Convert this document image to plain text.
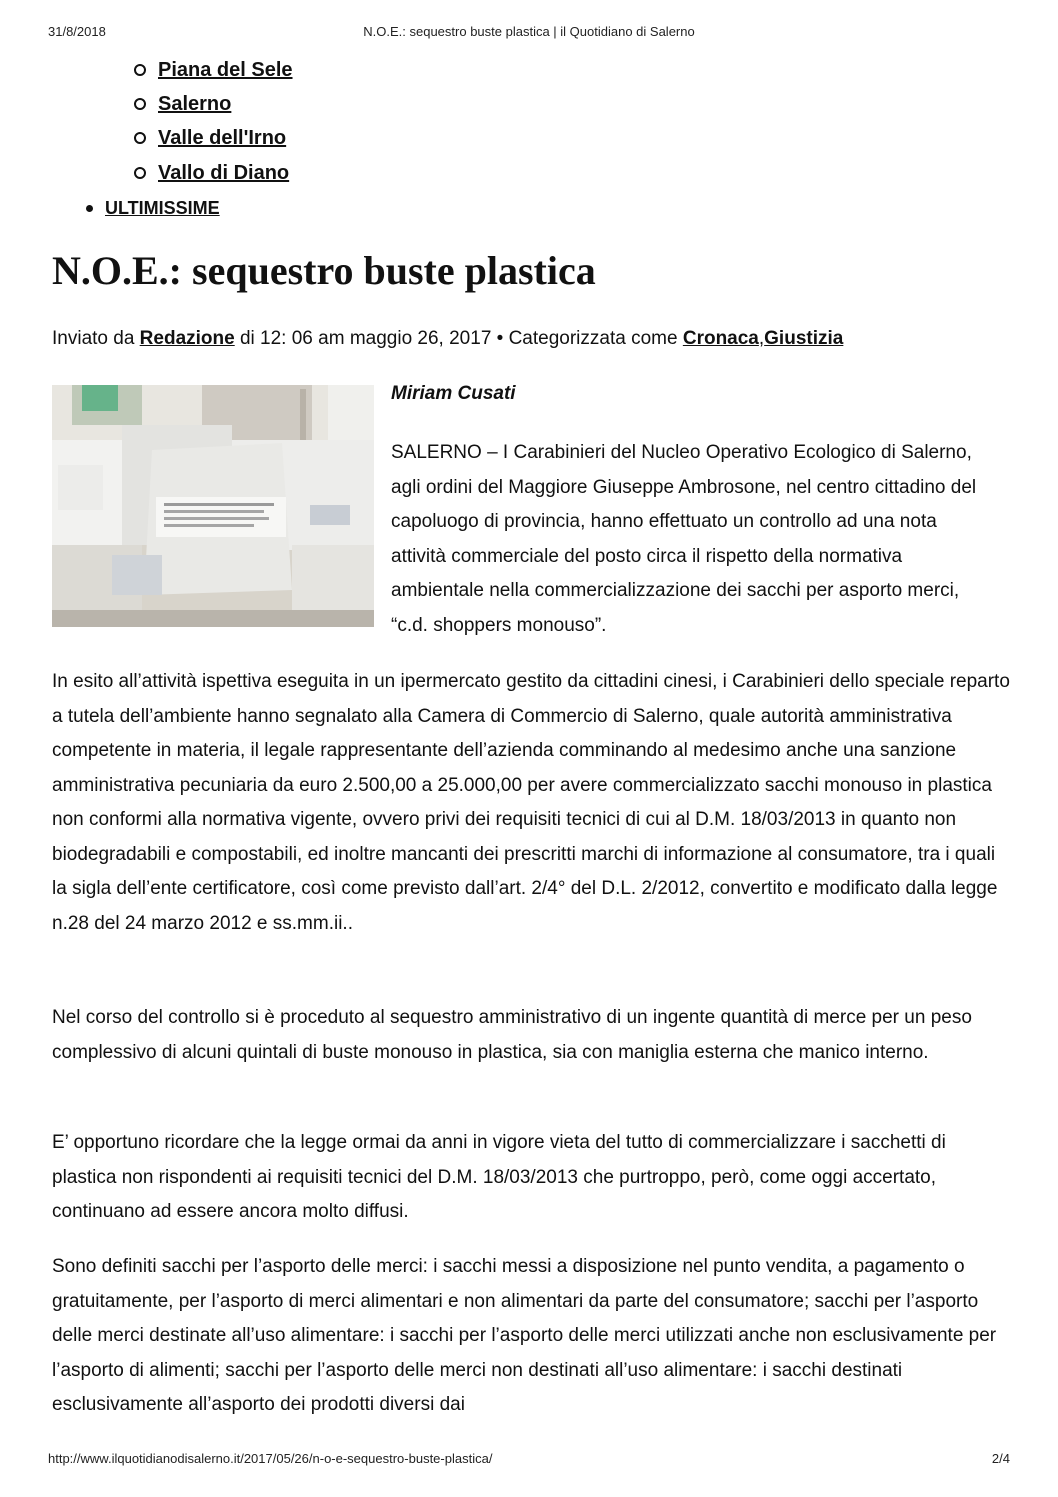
31/8/2018	N.O.E.: sequestro buste plastica | il Quotidiano di Salerno
Piana del Sele
Salerno
Valle dell'Irno
Vallo di Diano
ULTIMISSIME
N.O.E.: sequestro buste plastica
Inviato da Redazione di 12: 06 am maggio 26, 2017 • Categorizzata come Cronaca,Giustizia
Miriam Cusati

SALERNO – I Carabinieri del Nucleo Operativo Ecologico di Salerno, agli ordini del Maggiore Giuseppe Ambrosone, nel centro cittadino del capoluogo di provincia, hanno effettuato un controllo ad una nota attività commerciale del posto circa il rispetto della normativa ambientale nella commercializzazione dei sacchi per asporto merci, “c.d. shoppers monouso”.

In esito all’attività ispettiva eseguita in un ipermercato gestito da cittadini cinesi, i Carabinieri dello speciale reparto a tutela dell’ambiente hanno segnalato alla Camera di Commercio di Salerno, quale autorità amministrativa competente in materia, il legale rappresentante dell’azienda comminando al medesimo anche una sanzione amministrativa pecuniaria da euro 2.500,00 a 25.000,00 per avere commercializzato sacchi monouso in plastica non conformi alla normativa vigente, ovvero privi dei requisiti tecnici di cui al D.M. 18/03/2013 in quanto non biodegradabili e compostabili, ed inoltre mancanti dei prescritti marchi di informazione al consumatore, tra i quali la sigla dell’ente certificatore, così come previsto dall’art. 2/4° del D.L. 2/2012, convertito e modificato dalla legge n.28 del 24 marzo 2012 e ss.mm.ii..

Nel corso del controllo si è proceduto al sequestro amministrativo di un ingente quantità di merce per un peso complessivo di alcuni quintali di buste monouso in plastica, sia con maniglia esterna che manico interno.

E’ opportuno ricordare che la legge ormai da anni in vigore vieta del tutto di commercializzare i sacchetti di plastica non rispondenti ai requisiti tecnici del D.M. 18/03/2013 che purtroppo, però, come oggi accertato, continuano ad essere ancora molto diffusi.

Sono definiti sacchi per l’asporto delle merci: i sacchi messi a disposizione nel punto vendita, a pagamento o gratuitamente, per l’asporto di merci alimentari e non alimentari da parte del consumatore; sacchi per l’asporto delle merci destinate all’uso alimentare: i sacchi per l’asporto delle merci utilizzati anche non esclusivamente per l’asporto di alimenti; sacchi per l’asporto delle merci non destinati all’uso alimentare: i sacchi destinati esclusivamente all’asporto dei prodotti diversi dai

http://www.ilquotidianodisalerno.it/2017/05/26/n-o-e-sequestro-buste-plastica/	2/4
